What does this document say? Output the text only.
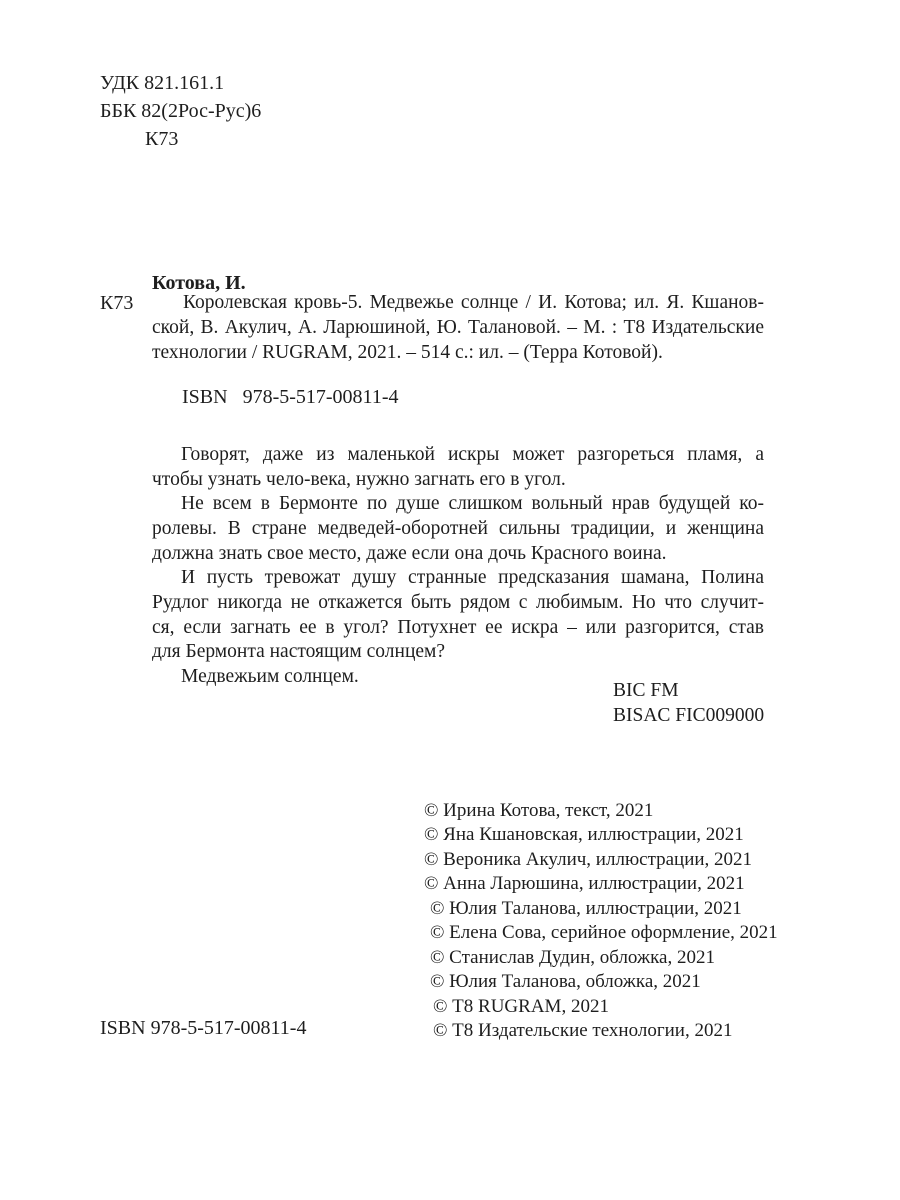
УДК 821.161.1
ББК 82(2Рос-Рус)6
К73
Котова, И.
К73	Королевская кровь-5. Медвежье солнце / И. Котова; ил. Я. Кшанов-
ской, В. Акулич, А. Ларюшиной, Ю. Талановой. – М. : Т8 Издательские
технологии / RUGRAM, 2021. – 514 с.: ил. – (Терра Котовой).
ISBN 978-5-517-00811-4
Говорят, даже из маленькой искры может разгореться пламя, а
чтобы узнать чело-века, нужно загнать его в угол.
Не всем в Бермонте по душе слишком вольный нрав будущей ко-
ролевы. В стране медведей-оборотней сильны традиции, и женщина
должна знать свое место, даже если она дочь Красного воина.
И пусть тревожат душу странные предсказания шамана, Полина
Рудлог никогда не откажется быть рядом с любимым. Но что случит-
ся, если загнать ее в угол? Потухнет ее искра – или разгорится, став
для Бермонта настоящим солнцем?
Медвежьим солнцем.
BIC FM
BISAC FIC009000
© Ирина Котова, текст, 2021
© Яна Кшановская, иллюстрации, 2021
© Вероника Акулич, иллюстрации, 2021
© Анна Ларюшина, иллюстрации, 2021
© Юлия Таланова, иллюстрации, 2021
© Елена Сова, серийное оформление, 2021
© Станислав Дудин, обложка, 2021
© Юлия Таланова, обложка, 2021
© Т8 RUGRAM, 2021
© Т8 Издательские технологии, 2021
ISBN 978-5-517-00811-4
